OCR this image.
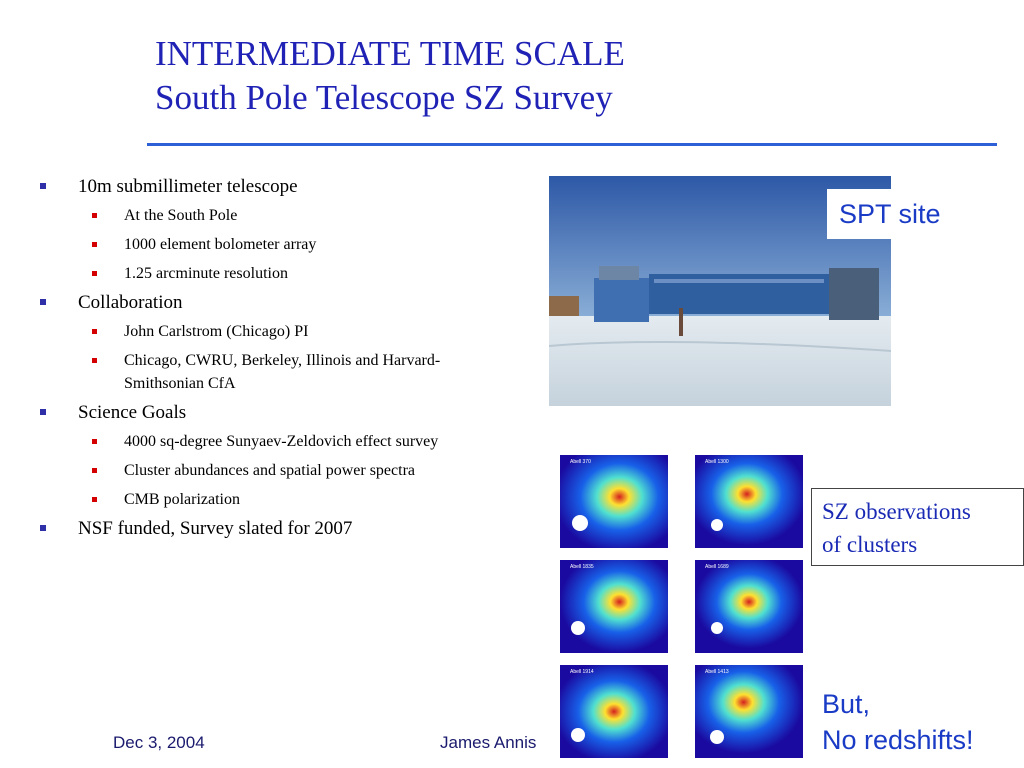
INTERMEDIATE TIME SCALE
South Pole Telescope SZ Survey
10m submillimeter telescope
At the South Pole
1000 element bolometer array
1.25 arcminute resolution
Collaboration
John Carlstrom (Chicago) PI
Chicago, CWRU, Berkeley, Illinois and Harvard-Smithsonian CfA
Science Goals
4000 sq-degree Sunyaev-Zeldovich effect survey
Cluster abundances and spatial power spectra
CMB polarization
NSF funded, Survey slated for 2007
SPT site
Abell 370	Abell 1300
Abell 1835	Abell 1689
Abell 1914	Abell 1413
SZ observations
of clusters
But,
No redshifts!
Dec 3, 2004	James Annis
